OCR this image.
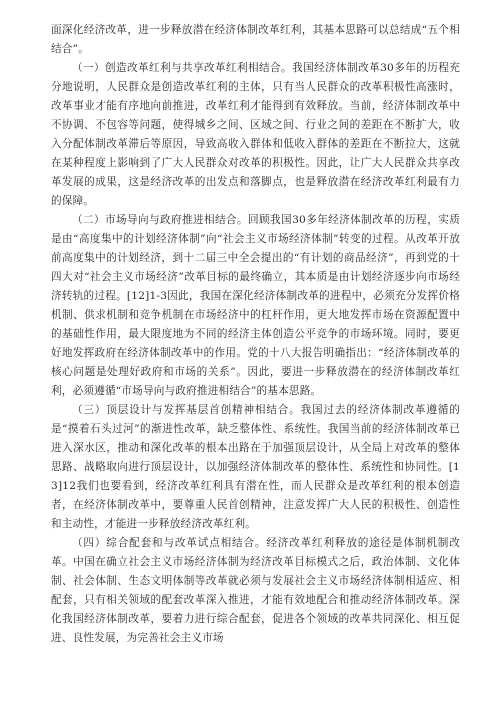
面深化经济改革，进一步释放潜在经济体制改革红利，其基本思路可以总结成“五个相结合”。

（一）创造改革红利与共享改革红利相结合。我国经济体制改革30多年的历程充分地说明，人民群众是创造改革红利的主体，只有当人民群众的改革积极性高涨时，改革事业才能有序地向前推进，改革红利才能得到有效释放。当前，经济体制改革中不协调、不包容等问题，使得城乡之间、区域之间、行业之间的差距在不断扩大，收入分配体制改革滞后等原因，导致高收入群体和低收入群体的差距在不断拉大，这就在某种程度上影响到了广大人民群众对改革的积极性。因此，让广大人民群众共享改革发展的成果，这是经济改革的出发点和落脚点，也是释放潜在经济改革红利最有力的保障。

（二）市场导向与政府推进相结合。回顾我国30多年经济体制改革的历程，实质是由“高度集中的计划经济体制”向“社会主义市场经济体制”转变的过程。从改革开放前高度集中的计划经济，到十二届三中全会提出的“有计划的商品经济”，再到党的十四大对“社会主义市场经济”改革目标的最终确立，其本质是由计划经济逐步向市场经济转轨的过程。[12]1-3因此，我国在深化经济体制改革的进程中，必须充分发挥价格机制、供求机制和竞争机制在市场经济中的杠杆作用，更大地发挥市场在资源配置中的基础性作用，最大限度地为不同的经济主体创造公平竞争的市场环境。同时，要更好地发挥政府在经济体制改革中的作用。党的十八大报告明确指出：“经济体制改革的核心问题是处理好政府和市场的关系”。因此，要进一步释放潜在的经济体制改革红利，必须遵循“市场导向与政府推进相结合”的基本思路。

（三）顶层设计与发挥基层首创精神相结合。我国过去的经济体制改革遵循的是“摸着石头过河”的渐进性改革，缺乏整体性、系统性。我国当前的经济体制改革已进入深水区，推动和深化改革的根本出路在于加强顶层设计，从全局上对改革的整体思路、战略取向进行顶层设计，以加强经济体制改革的整体性、系统性和协同性。[13]12我们也要看到，经济改革红利具有潜在性，而人民群众是改革红利的根本创造者，在经济体制改革中，要尊重人民首创精神，注意发挥广大人民的积极性、创造性和主动性，才能进一步释放经济改革红利。

（四）综合配套和与改革试点相结合。经济改革红利释放的途径是体制机制改革。中国在确立社会主义市场经济体制为经济改革目标模式之后，政治体制、文化体制、社会体制、生态文明体制等改革就必须与发展社会主义市场经济体制相适应、相配套，只有相关领域的配套改革深入推进，才能有效地配合和推动经济体制改革。深化我国经济体制改革，要着力进行综合配套，促进各个领域的改革共同深化、相互促进、良性发展，为完善社会主义市场
